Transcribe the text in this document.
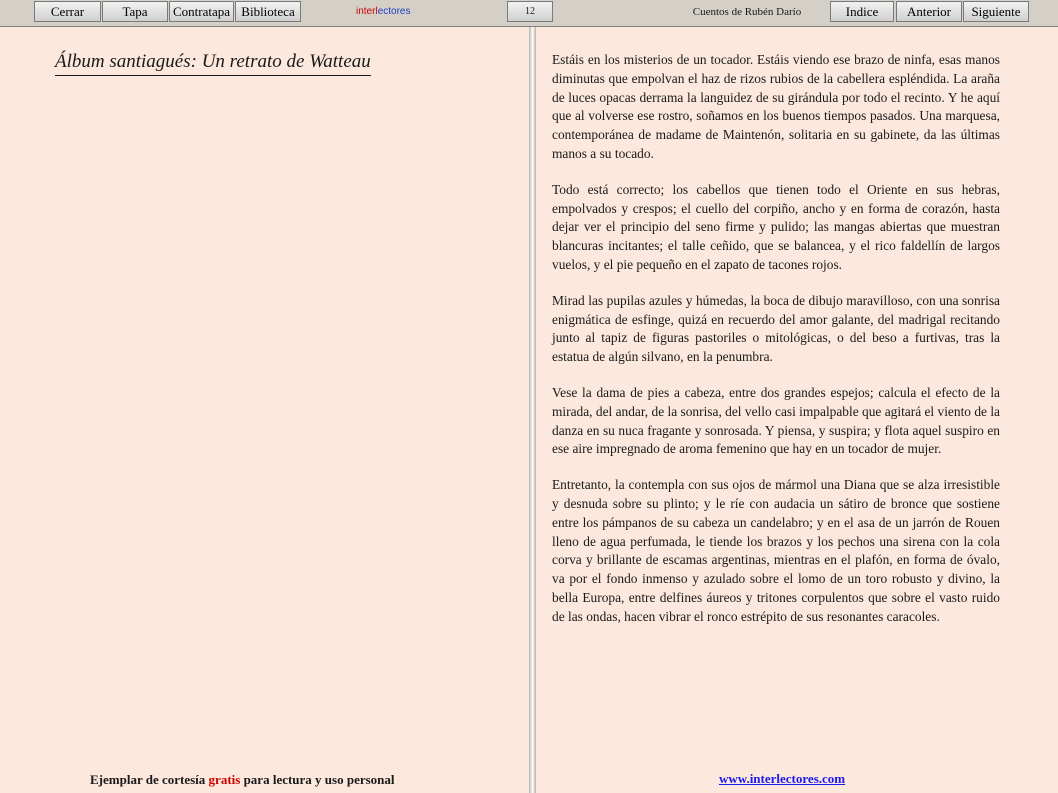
Cerrar	Tapa	Contratapa Biblioteca	interlectores	12	Cuentos de Rubén Darío	Indice	Anterior	Siguiente
Álbum santiagués: Un retrato de Watteau	Estáis en los misterios de un tocador. Estáis viendo ese brazo de ninfa, esas manos diminutas que empolvan el haz de rizos rubios de la cabellera espléndida. La araña de luces opacas derrama la languidez de su girándula por todo el recinto. Y he aquí que al volverse ese rostro, soñamos en los buenos tiempos pasados. Una marquesa, contemporánea de madame de Maintenón, solitaria en su gabinete, da las últimas manos a su tocado.

Todo está correcto; los cabellos que tienen todo el Oriente en sus hebras, empolvados y crespos; el cuello del corpiño, ancho y en forma de corazón, hasta dejar ver el principio del seno firme y pulido; las mangas abiertas que muestran blancuras incitantes; el talle ceñido, que se balancea, y el rico faldellín de largos vuelos, y el pie pequeño en el zapato de tacones rojos.

Mirad las pupilas azules y húmedas, la boca de dibujo maravilloso, con una sonrisa enigmática de esfinge, quizá en recuerdo del amor galante, del madrigal recitando junto al tapiz de figuras pastoriles o mitológicas, o del beso a furtivas, tras la estatua de algún silvano, en la penumbra.

Vese la dama de pies a cabeza, entre dos grandes espejos; calcula el efecto de la mirada, del andar, de la sonrisa, del vello casi impalpable que agitará el viento de la danza en su nuca fragante y sonrosada. Y piensa, y suspira; y flota aquel suspiro en ese aire impregnado de aroma femenino que hay en un tocador de mujer.

Entretanto, la contempla con sus ojos de mármol una Diana que se alza irresistible y desnuda sobre su plinto; y le ríe con audacia un sátiro de bronce que sostiene entre los pámpanos de su cabeza un candelabro; y en el asa de un jarrón de Rouen lleno de agua perfumada, le tiende los brazos y los pechos una sirena con la cola corva y brillante de escamas argentinas, mientras en el plafón, en forma de óvalo, va por el fondo inmenso y azulado sobre el lomo de un toro robusto y divino, la bella Europa, entre delfines áureos y tritones corpulentos que sobre el vasto ruido de las ondas, hacen vibrar el ronco estrépito de sus resonantes caracoles.

Ejemplar de cortesía gratis para lectura y uso personal	www.interlectores.com
